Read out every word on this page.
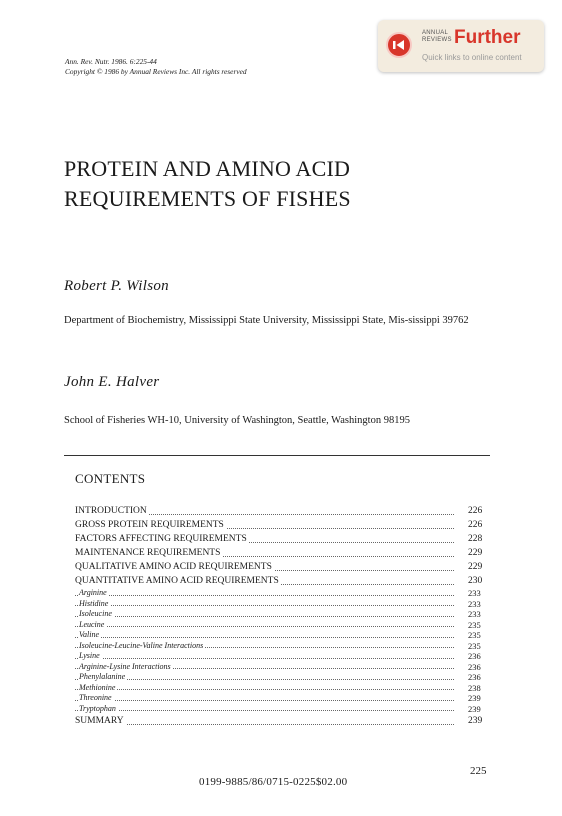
ANNUAL
REVIEWS Further
Quick links to online content
Ann. Rev. Nutr. 1986. 6:225-44
Copyright © 1986 by Annual Reviews Inc. All rights reserved
PROTEIN AND AMINO ACID
REQUIREMENTS OF FISHES
Robert P. Wilson
Department of Biochemistry, Mississippi State University, Mississippi State, Mis-sissippi 39762
John E. Halver
School of Fisheries WH-10, University of Washington, Seattle, Washington 98195
CONTENTS
INTRODUCTION	226
GROSS PROTEIN REQUIREMENTS	226
FACTORS AFFECTING REQUIREMENTS	228
MAINTENANCE REQUIREMENTS	229
QUALITATIVE AMINO ACID REQUIREMENTS	229
QUANTITATIVE AMINO ACID REQUIREMENTS	230
Arginine	233
Histidine	233
Isoleucine	233
Leucine	235
Valine	235
Isoleucine-Leucine-Valine Interactions	235
Lysine	236
Arginine-Lysine Interactions	236
Phenylalanine	236
Methionine	238
Threonine	239
Tryptophan	239
SUMMARY	239
225
0199-9885/86/0715-0225$02.00
